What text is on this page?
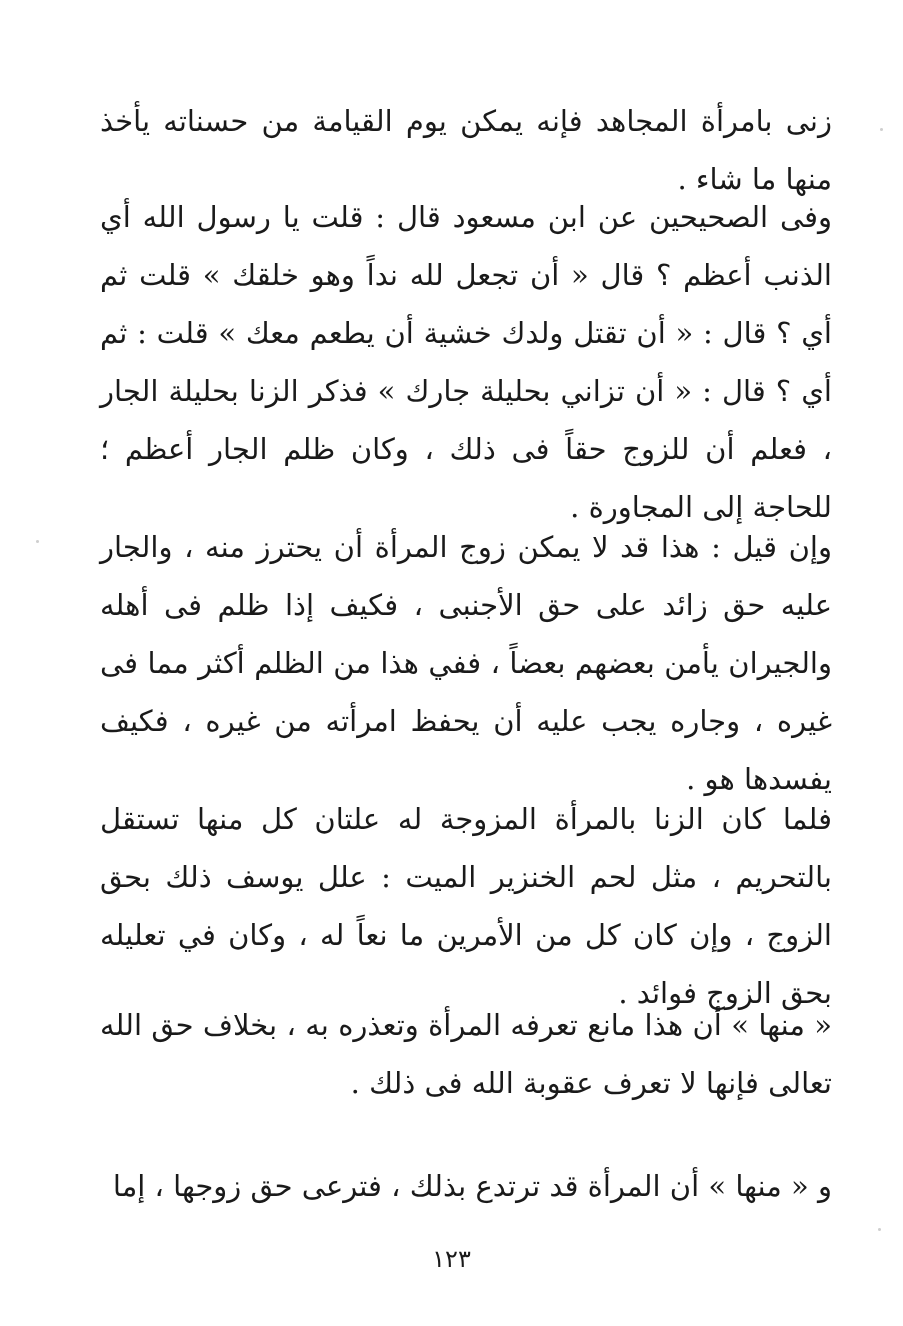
زنى بامرأة المجاهد فإنه يمكن يوم القيامة من حسناته يأخذ منها ما شاء .

وفى الصحيحين عن ابن مسعود قال : قلت يا رسول الله أي الذنب أعظم ؟ قال « أن تجعل لله نداً وهو خلقك » قلت ثم أي ؟ قال : « أن تقتل ولدك خشية أن يطعم معك » قلت : ثم أي ؟ قال : « أن تزاني بحليلة جارك » فذكر الزنا بحليلة الجار ، فعلم أن للزوج حقاً فى ذلك ، وكان ظلم الجار أعظم ؛ للحاجة إلى المجاورة .

وإن قيل : هذا قد لا يمكن زوج المرأة أن يحترز منه ، والجار عليه حق زائد على حق الأجنبى ، فكيف إذا ظلم فى أهله والجيران يأمن بعضهم بعضاً ، ففي هذا من الظلم أكثر مما فى غيره ، وجاره يجب عليه أن يحفظ امرأته من غيره ، فكيف يفسدها هو .

فلما كان الزنا بالمرأة المزوجة له علتان كل منها تستقل بالتحريم ، مثل لحم الخنزير الميت : علل يوسف ذلك بحق الزوج ، وإن كان كل من الأمرين ما نعاً له ، وكان في تعليله بحق الزوج فوائد .

« منها » أن هذا مانع تعرفه المرأة وتعذره به ، بخلاف حق الله تعالى فإنها لا تعرف عقوبة الله فى ذلك .

و « منها » أن المرأة قد ترتدع بذلك ، فترعى حق زوجها ، إما

١٢٣
